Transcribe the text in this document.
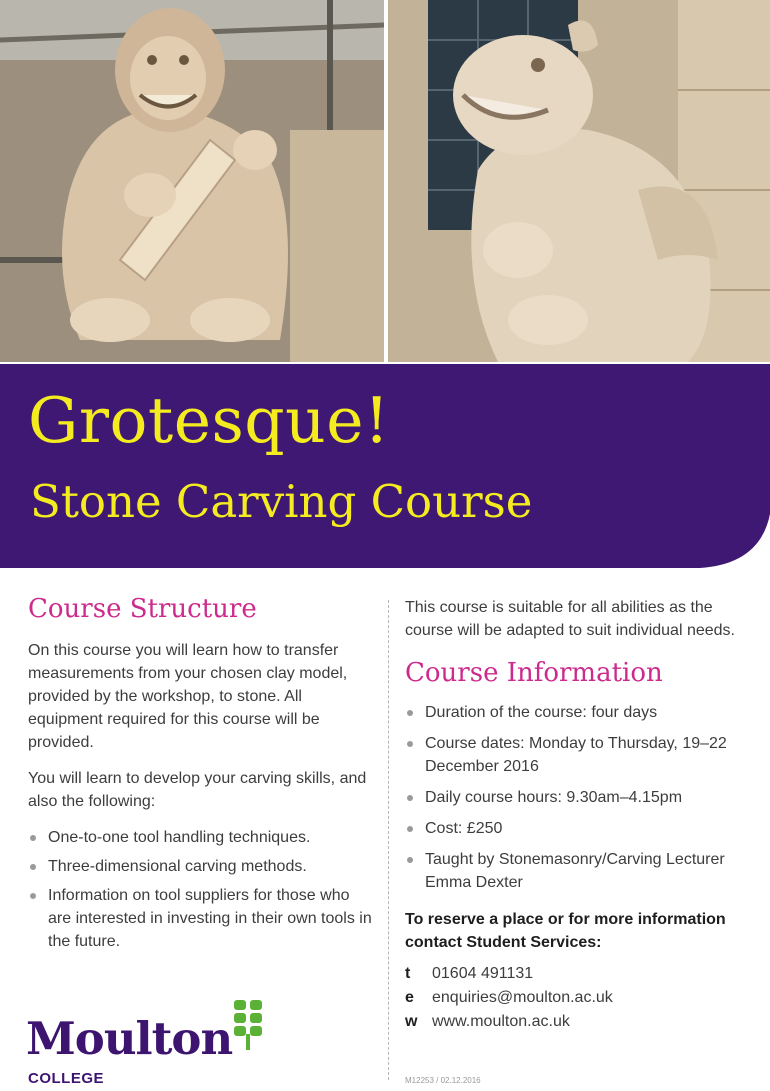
Grotesque!
Stone Carving Course
Course Structure

On this course you will learn how to transfer measurements from your chosen clay model, provided by the workshop, to stone. All equipment required for this course will be provided.

You will learn to develop your carving skills, and also the following:

One-to-one tool handling techniques.
Three-dimensional carving methods.
Information on tool suppliers for those who are interested in investing in their own tools in the future.

This course is suitable for all abilities as the course will be adapted to suit individual needs.

Course Information
Duration of the course: four days
Course dates: Monday to Thursday, 19–22 December 2016
Daily course hours: 9.30am–4.15pm
Cost: £250
Taught by Stonemasonry/Carving Lecturer Emma Dexter
To reserve a place or for more information contact Student Services:
t 01604 491131
e enquiries@moulton.ac.uk
w www.moulton.ac.uk
M12253 / 02.12.2016
Moulton
COLLEGE
